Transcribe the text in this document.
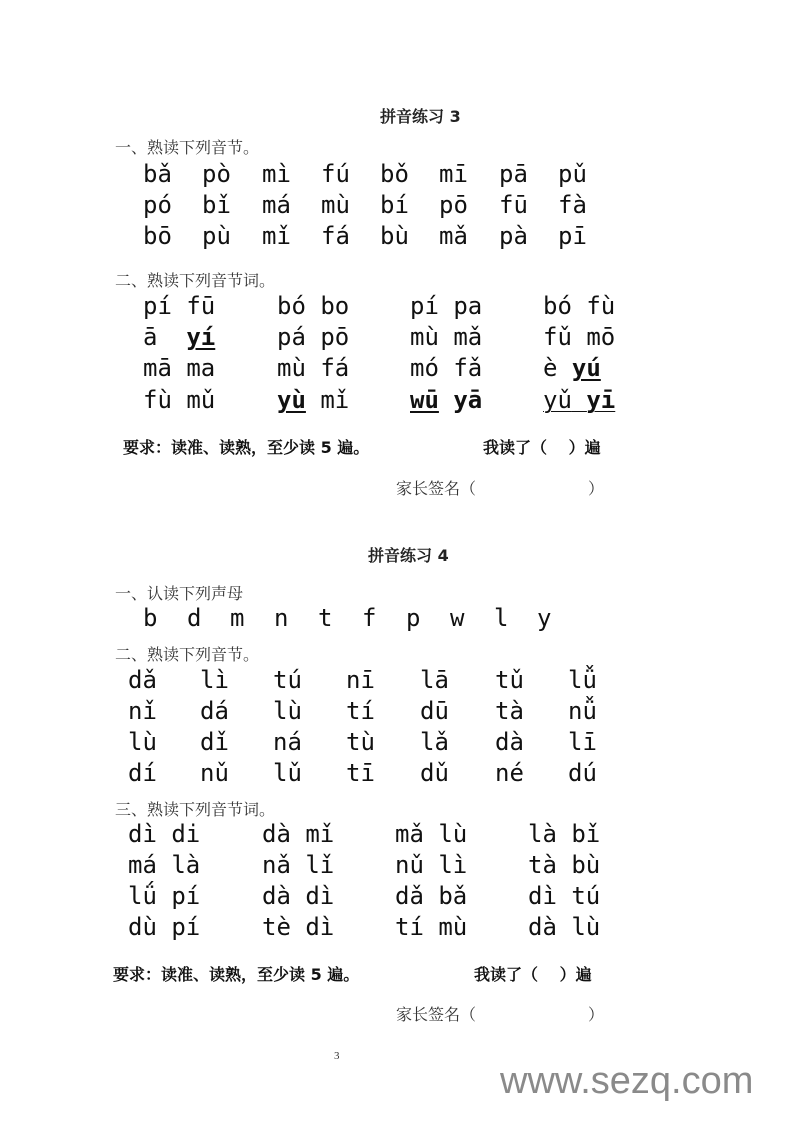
拼音练习 3
一、熟读下列音节。
bǎ pò mì fú bǒ mī pā pǔ
pó bǐ má mù bí pō fū fà
bō pù mǐ fá bù mǎ pà pī
二、熟读下列音节词。
pí fū	bó bo	pí pa	bó fù
ā yí	pá pō	mù mǎ	fǔ mō
mā ma	mù fá	mó fǎ	è yú
fù mǔ	yù mǐ	wū yā	yǔ yī
要求：读准、读熟，至少读 5 遍。	我读了（　 ）遍
家长签名（　　　　　　　）
拼音练习 4
一、认读下列声母
b d m n t f p w l y
二、熟读下列音节。
dǎ lì tú nī lā tǔ lǚ
nǐ dá lù tí dū tà nǚ
lù dǐ ná tù lǎ dà lī
dí nǔ lǔ tī dǔ né dú
三、熟读下列音节词。
dì di	dà mǐ	mǎ lù	là bǐ
má là	nǎ lǐ	nǔ lì	tà bù
lǘ pí	dà dì	dǎ bǎ	dì tú
dù pí	tè dì	tí mù	dà lù
要求：读准、读熟，至少读 5 遍。	我读了（　 ）遍
家长签名（　　　　　　　）
3
www.sezq.com
